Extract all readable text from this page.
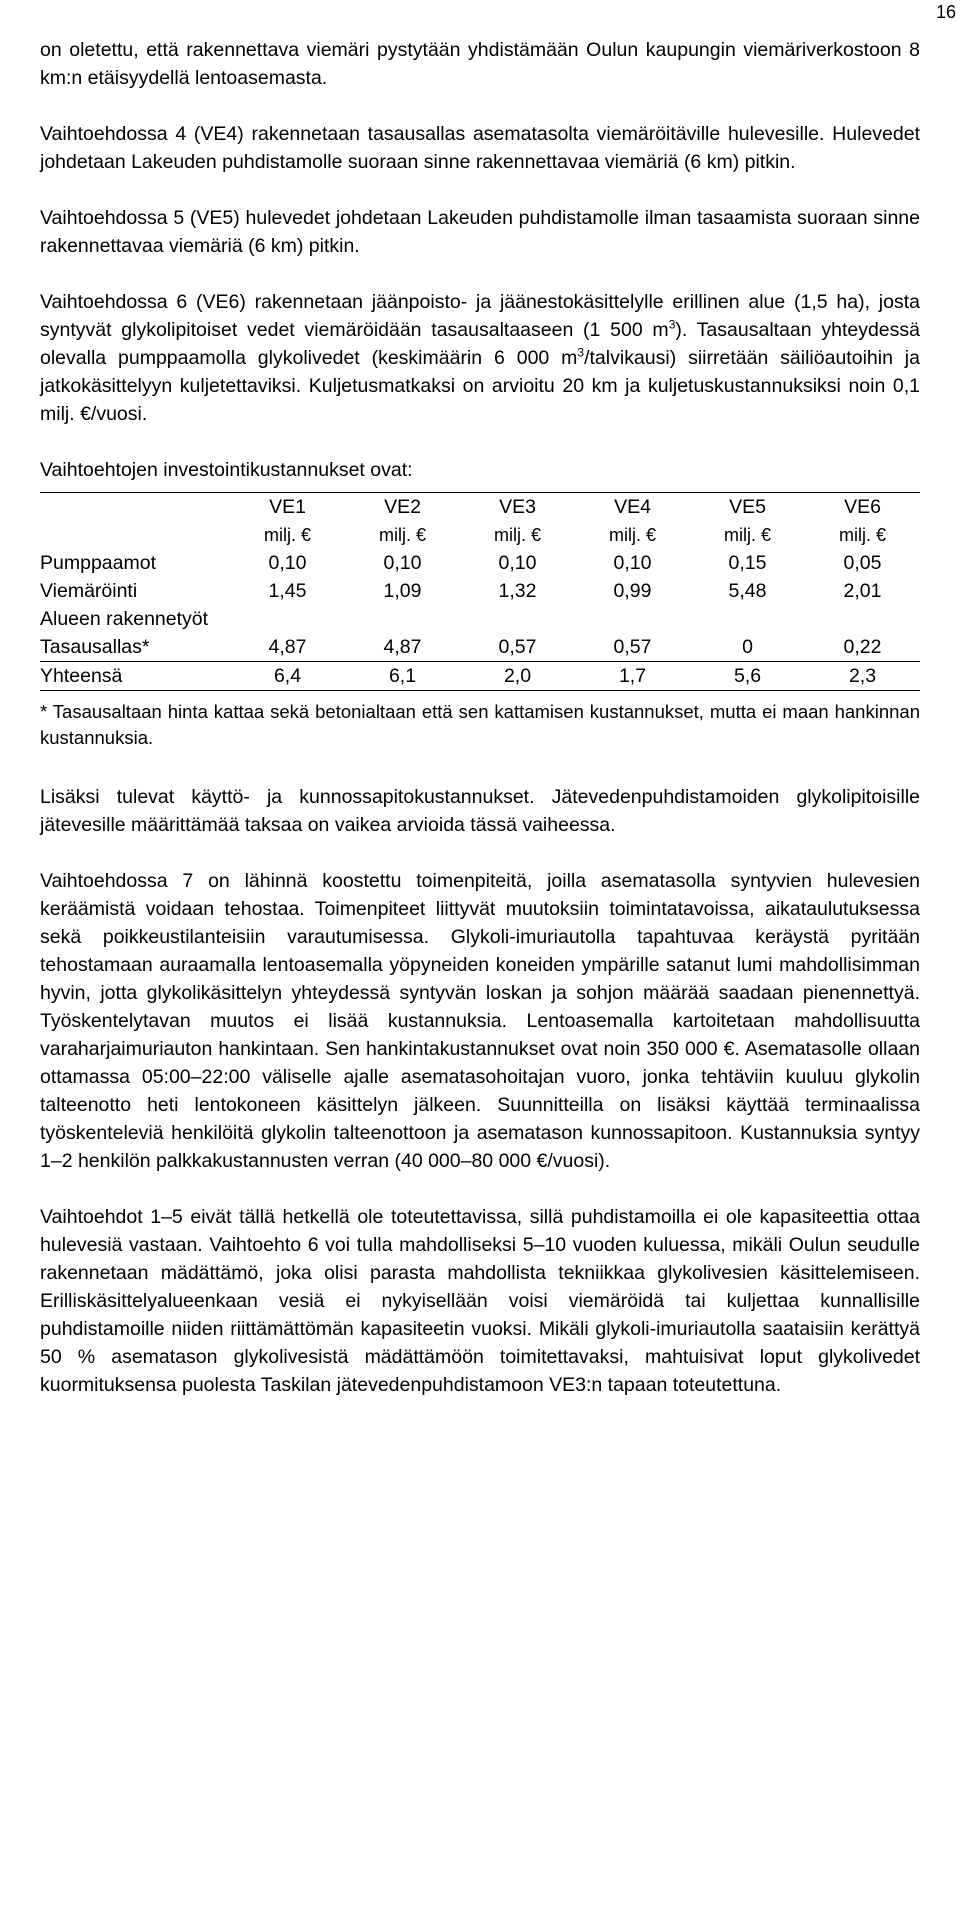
16

on oletettu, että rakennettava viemäri pystytään yhdistämään Oulun kaupungin viemäriverkostoon 8 km:n etäisyydellä lentoasemasta.

Vaihtoehdossa 4 (VE4) rakennetaan tasausallas asematasolta viemäröitäville hulevesille. Hulevedet johdetaan Lakeuden puhdistamolle suoraan sinne rakennettavaa viemäriä (6 km) pitkin.

Vaihtoehdossa 5 (VE5) hulevedet johdetaan Lakeuden puhdistamolle ilman tasaamista suoraan sinne rakennettavaa viemäriä (6 km) pitkin.

Vaihtoehdossa 6 (VE6) rakennetaan jäänpoisto- ja jäänestokäsittelylle erillinen alue (1,5 ha), josta syntyvät glykolipitoiset vedet viemäröidään tasausaltaaseen (1 500 $m^3$). Tasausaltaan yhteydessä olevalla pumppaamolla glykolivedet (keskimäärin 6 000 $m^3/talvikausi$) siirretään säiliöautoihin ja jatkokäsittelyyn kuljetettaviksi. Kuljetusmatkaksi on arvioitu 20 km ja kuljetuskustannuksiksi noin 0,1 milj. €/vuosi.

Vaihtoehtojen investointikustannukset ovat:

	VE1	VE2	VE3	VE4	VE5	VE6
	milj. €	milj. €	milj. €	milj. €	milj. €	milj. €
Pumppaamot	0,10	0,10	0,10	0,10	0,15	0,05
Viemäröinti	1,45	1,09	1,32	0,99	5,48	2,01
Alueen rakennetyöt						
Tasausallas*	4,87	4,87	0,57	0,57	0	0,22
Yhteensä	6,4	6,1	2,0	1,7	5,6	2,3

* Tasausaltaan hinta kattaa sekä betonialtaan että sen kattamisen kustannukset, mutta ei maan hankinnan kustannuksia.

Lisäksi tulevat käyttö- ja kunnossapitokustannukset. Jätevedenpuhdistamoiden glykolipitoisille jätevesille määrittämää taksaa on vaikea arvioida tässä vaiheessa.

Vaihtoehdossa 7 on lähinnä koostettu toimenpiteitä, joilla asematasolla syntyvien hulevesien keräämistä voidaan tehostaa. Toimenpiteet liittyvät muutoksiin toimintatavoissa, aikataulutuksessa sekä poikkeustilanteisiin varautumisessa. Glykoli-imuriautolla tapahtuvaa keräystä pyritään tehostamaan auraamalla lentoasemalla yöpyneiden koneiden ympärille satanut lumi mahdollisimman hyvin, jotta glykolikäsittelyn yhteydessä syntyvän loskan ja sohjon määrää saadaan pienennettyä. Työskentelytavan muutos ei lisää kustannuksia. Lentoasemalla kartoitetaan mahdollisuutta varaharjaimuriauton hankintaan. Sen hankintakustannukset ovat noin 350 000 €. Asematasolle ollaan ottamassa 05:00–22:00 väliselle ajalle asematasohoitajan vuoro, jonka tehtäviin kuuluu glykolin talteenotto heti lentokoneen käsittelyn jälkeen. Suunnitteilla on lisäksi käyttää terminaalissa työskenteleviä henkilöitä glykolin talteenottoon ja asematason kunnossapitoon. Kustannuksia syntyy 1–2 henkilön palkkakustannusten verran (40 000–80 000 €/vuosi).

Vaihtoehdot 1–5 eivät tällä hetkellä ole toteutettavissa, sillä puhdistamoilla ei ole kapasiteettia ottaa hulevesiä vastaan. Vaihtoehto 6 voi tulla mahdolliseksi 5–10 vuoden kuluessa, mikäli Oulun seudulle rakennetaan mädättämö, joka olisi parasta mahdollista tekniikkaa glykolivesien käsittelemiseen. Erilliskäsittelyalueenkaan vesiä ei nykyisellään voisi viemäröidä tai kuljettaa kunnallisille puhdistamoille niiden riittämättömän kapasiteetin vuoksi. Mikäli glykoli-imuriautolla saataisiin kerättyä 50 % asematason glykolivesistä mädättämöön toimitettavaksi, mahtuisivat loput glykolivedet kuormituksensa puolesta Taskilan jätevedenpuhdistamoon VE3:n tapaan toteutettuna.
